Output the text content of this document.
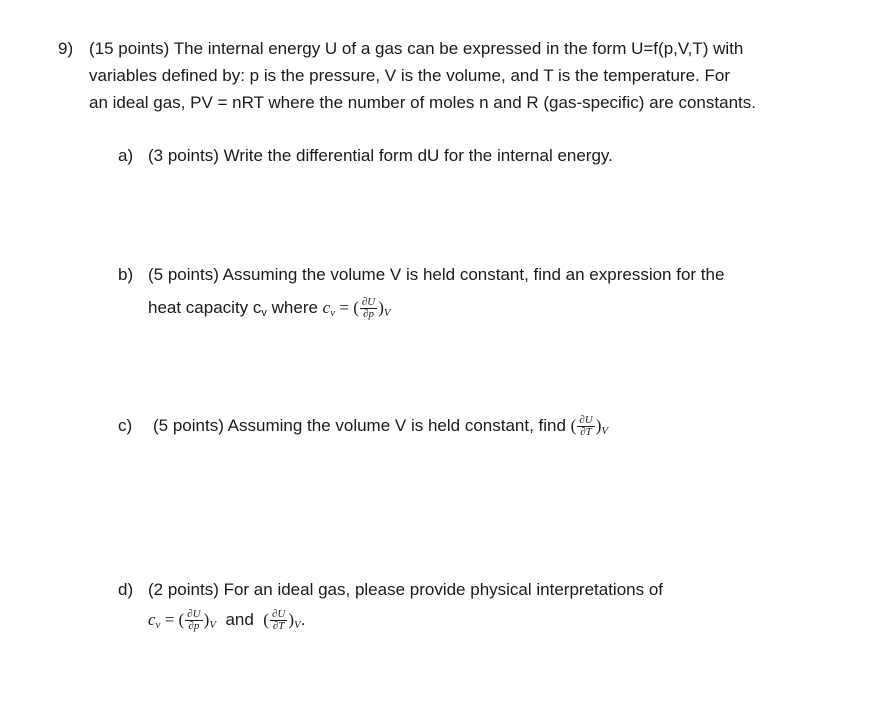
9) (15 points) The internal energy U of a gas can be expressed in the form U=f(p,V,T) with
variables defined by: p is the pressure, V is the volume, and T is the temperature. For
an ideal gas, PV = nRT where the number of moles n and R (gas-specific) are constants.
a) (3 points) Write the differential form dU for the internal energy.
b) (5 points) Assuming the volume V is held constant, find an expression for the
heat capacity $c_v$ where $c_v$ = ( $\frac{\partial U}{\partial p} )_V$
c) (5 points) Assuming the volume V is held constant, find ( $\frac{\partial U}{\partial T} )_V$
d) (2 points) For an ideal gas, please provide physical interpretations of
$c_v$ = ( $\frac{\partial U}{\partial p} )_V$  and  ( $\frac{\partial U}{\partial T} )_V$.
